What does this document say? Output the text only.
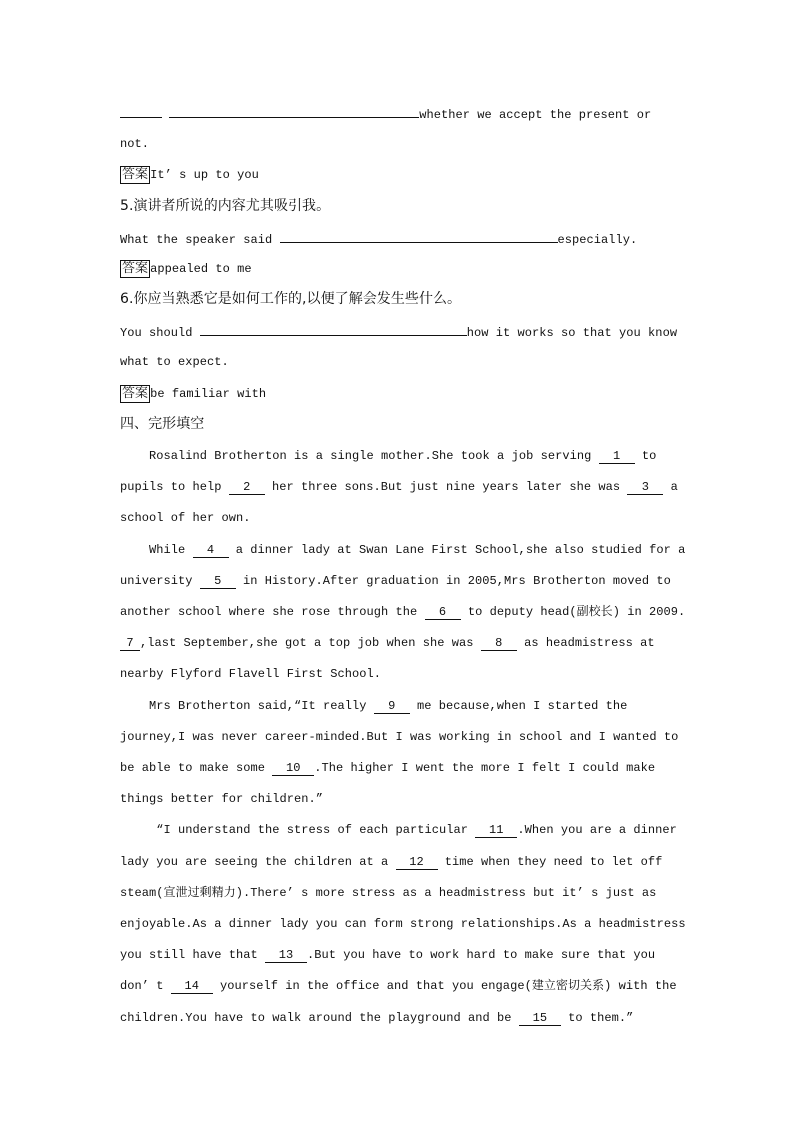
whether we accept the present or
not.
答案 It’ s up to you
5.演讲者所说的内容尤其吸引我。
What the speaker said	especially.
答案 appealed to me
6.你应当熟悉它是如何工作的,以便了解会发生些什么。
You should	how it works so that you know
what to expect.
答案 be familiar with
四、完形填空
Rosalind Brotherton is a single mother.She took a job serving 1 to
pupils to help 2 her three sons.But just nine years later she was 3 a
school of her own.
While 4 a dinner lady at Swan Lane First School,she also studied for a
university 5 in History.After graduation in 2005,Mrs Brotherton moved to
another school where she rose through the 6 to deputy head(副校长) in 2009.
7 ,last September,she got a top job when she was 8 as headmistress at
nearby Flyford Flavell First School.
Mrs Brotherton said,“It really 9 me because,when I started the
journey,I was never career-minded.But I was working in school and I wanted to
be able to make some 10 .The higher I went the more I felt I could make
things better for children.”
“I understand the stress of each particular 11 .When you are a dinner
lady you are seeing the children at a 12 time when they need to let off
steam(宣泄过剩精力).There’ s more stress as a headmistress but it’ s just as
enjoyable.As a dinner lady you can form strong relationships.As a headmistress
you still have that 13 .But you have to work hard to make sure that you
don’ t 14 yourself in the office and that you engage(建立密切关系) with the
children.You have to walk around the playground and be 15 to them.”
